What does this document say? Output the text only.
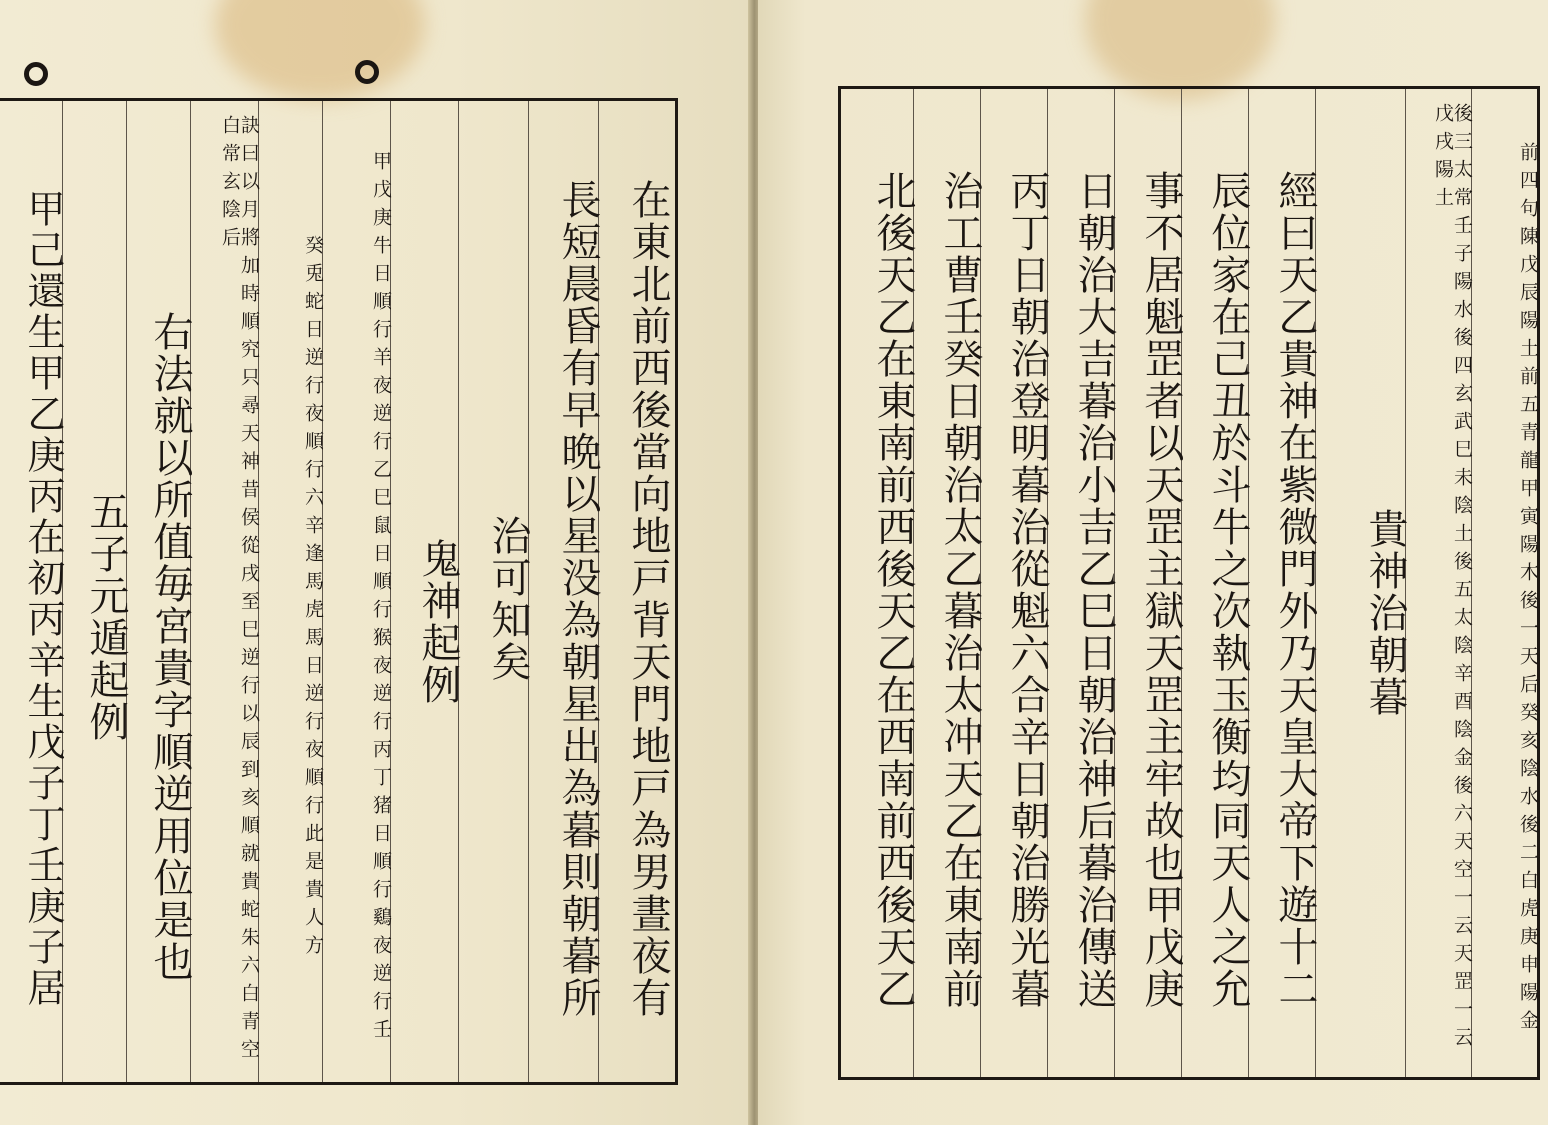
在東北前西後當向地戸背天門地戸為男晝夜有
長短晨昏有早晩以星没為朝星出為暮則朝暮所
治可知矣
鬼神起例
甲戊庚牛日順行羊夜逆行乙巳鼠日順行猴夜逆行丙丁猪日順行鷄夜逆行壬
癸兎蛇日逆行夜順行六辛逢馬虎馬日逆行夜順行此是貴人方
訣曰以月將加時順究只尋天神昔侯從戌至巳逆行以辰到亥順就貴蛇朱六白青空白常玄陰后
右法就以所值毎宮貴字順逆用位是也
五子元遁起例
甲己還生甲乙庚丙在初丙辛生戊子丁壬庚子居	前四句陳戊辰陽土前五青龍甲寅陽木後一天后癸亥陰水後二白虎庚申陽金
後三太常壬子陽水後四玄武巳未陰土後五太陰辛酉陰金後六天空一云天罡一云戊戌陽土
貴神治朝暮
經曰天乙貴神在紫微門外乃天皇大帝下遊十二
辰位家在己丑於斗牛之次執玉衡均同天人之允
事不居魁罡者以天罡主獄天罡主牢故也甲戊庚
日朝治大吉暮治小吉乙巳日朝治神后暮治傳送
丙丁日朝治登明暮治從魁六合辛日朝治勝光暮
治工曹壬癸日朝治太乙暮治太冲天乙在東南前
北後天乙在東南前西後天乙在西南前西後天乙
